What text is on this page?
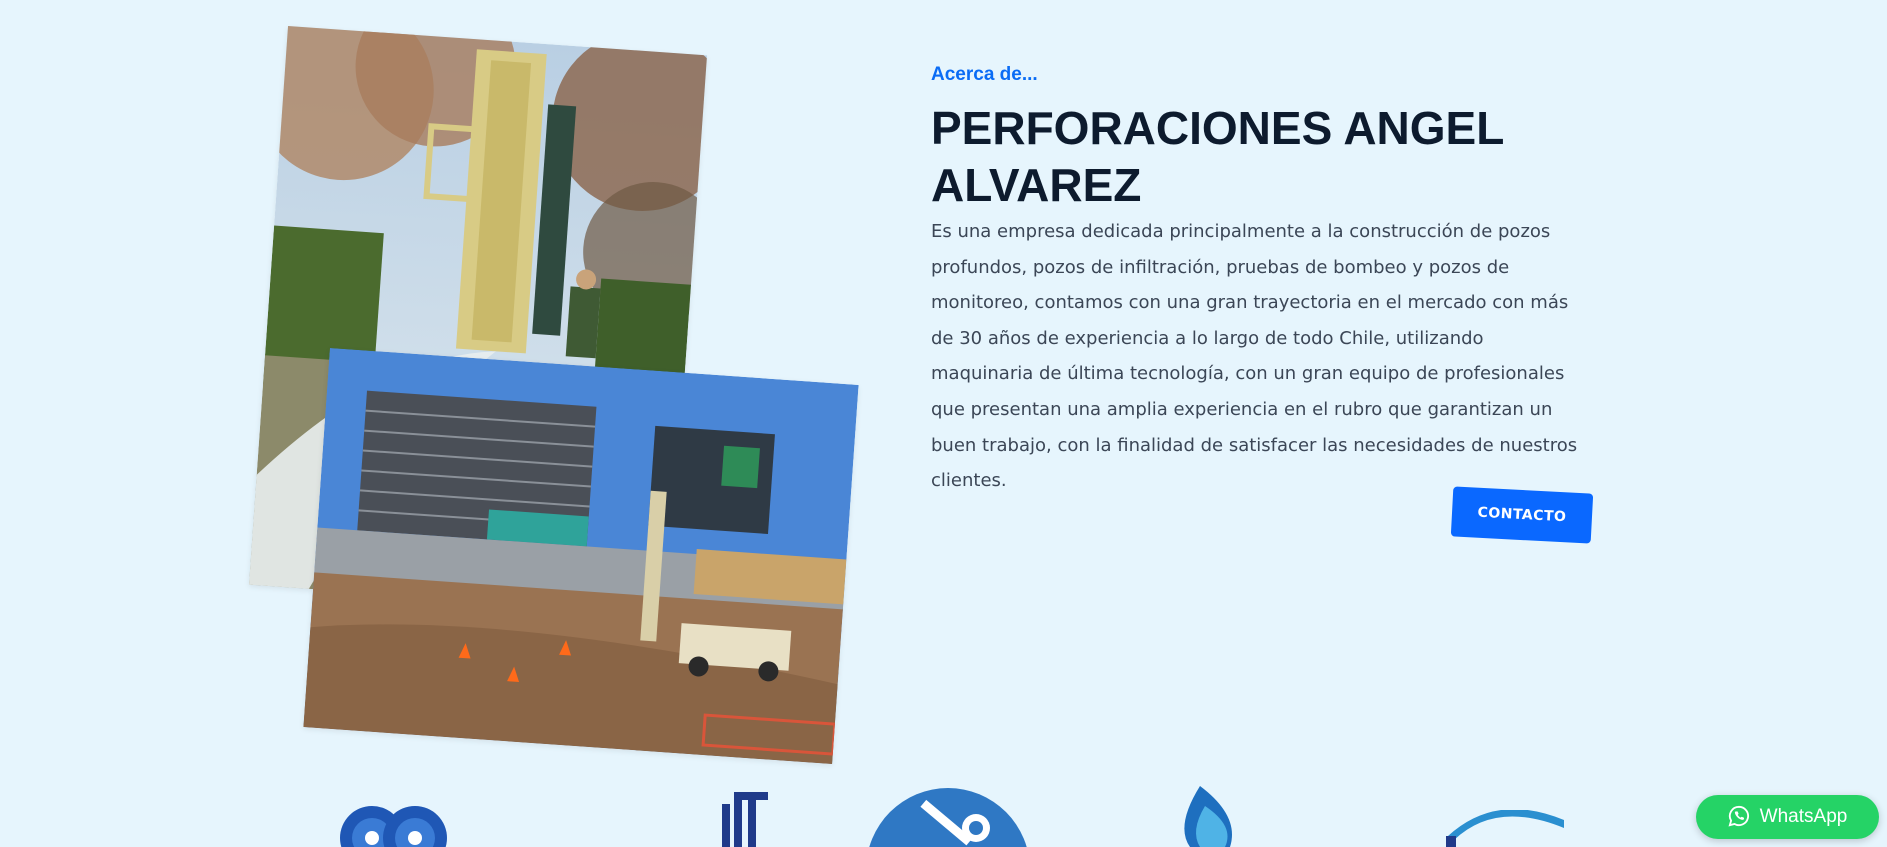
Acerca de...
PERFORACIONES ANGEL ALVAREZ

Es una empresa dedicada principalmente a la construcción de pozos profundos, pozos de infiltración, pruebas de bombeo y pozos de monitoreo, contamos con una gran trayectoria en el mercado con más de 30 años de experiencia a lo largo de todo Chile, utilizando maquinaria de última tecnología, con un gran equipo de profesionales que presentan una amplia experiencia en el rubro que garantizan un buen trabajo, con la finalidad de satisfacer las necesidades de nuestros clientes.

CONTACTO
WhatsApp
